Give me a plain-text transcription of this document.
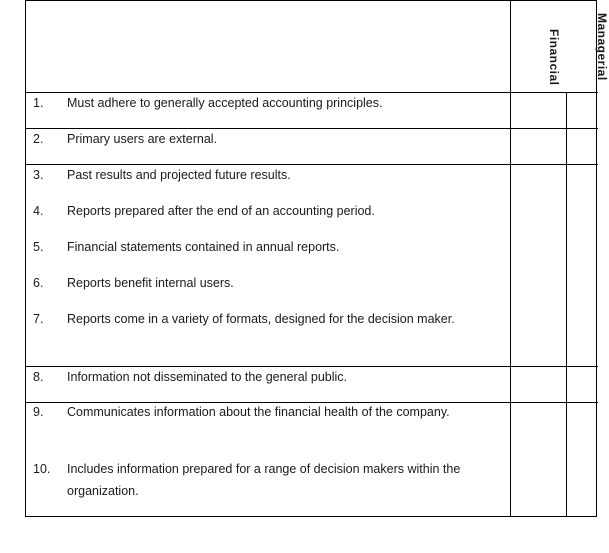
Financial	Managerial
1. Must adhere to generally accepted accounting principles.
2. Primary users are external.
3. Past results and projected future results.
4. Reports prepared after the end of an accounting period.
5. Financial statements contained in annual reports.
6. Reports benefit internal users.
7. Reports come in a variety of formats, designed for the decision maker.
8. Information not disseminated to the general public.
9. Communicates information about the financial health of the company.
10. Includes information prepared for a range of decision makers within the organization.
